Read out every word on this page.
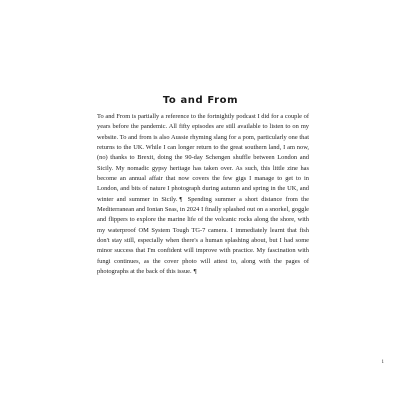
To and From

To and From is partially a reference to the fortnightly podcast I did for a couple of years before the pandemic. All fifty episodes are still available to listen to on my website. To and from is also Aussie rhyming slang for a pom, particularly one that returns to the UK. While I can longer return to the great southern land, I am now, (no) thanks to Brexit, doing the 90-day Schengen shuffle between London and Sicily. My nomadic gypsy heritage has taken over. As such, this little zine has become an annual affair that now covers the few gigs I manage to get to in London, and bits of nature I photograph during autumn and spring in the UK, and winter and summer in Sicily. ¶ Spending summer a short distance from the Mediterranean and Ionian Seas, in 2024 I finally splashed out on a snorkel, goggle and flippers to explore the marine life of the volcanic rocks along the shore, with my waterproof OM System Tough TG-7 camera. I immediately learnt that fish don't stay still, especially when there's a human splashing about, but I had some minor success that I'm confident will improve with practice. My fascination with fungi continues, as the cover photo will attest to, along with the pages of photographs at the back of this issue. ¶

1
